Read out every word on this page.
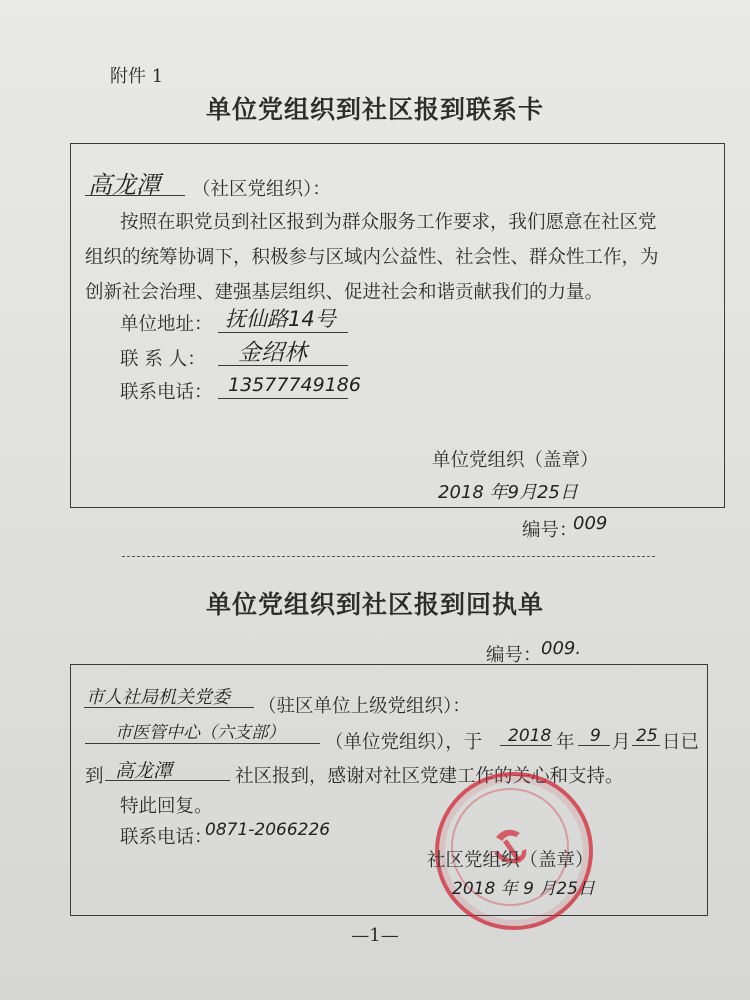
附件 1
单位党组织到社区报到联系卡
高龙潭 （社区党组织）：
按照在职党员到社区报到为群众服务工作要求，我们愿意在社区党
组织的统筹协调下，积极参与区域内公益性、社会性、群众性工作，为
创新社会治理、建强基层组织、促进社会和谐贡献我们的力量。
单位地址： 抚仙路14号
联 系 人： 金绍林
联系电话： 13577749186
单位党组织（盖章）
2018 年9月25日
编号：
009
单位党组织到社区报到回执单
编号： 009.
市人社局机关党委 （驻区单位上级党组织）：
市医管中心（六支部） （单位党组织），于 2018 年 9 月 25 日已
到 高龙潭	社区报到，感谢对社区党建工作的关心和支持。
特此回复。
联系电话：
0871-2066226
社区党组织（盖章）
2018 年 9 月25日
—1—
